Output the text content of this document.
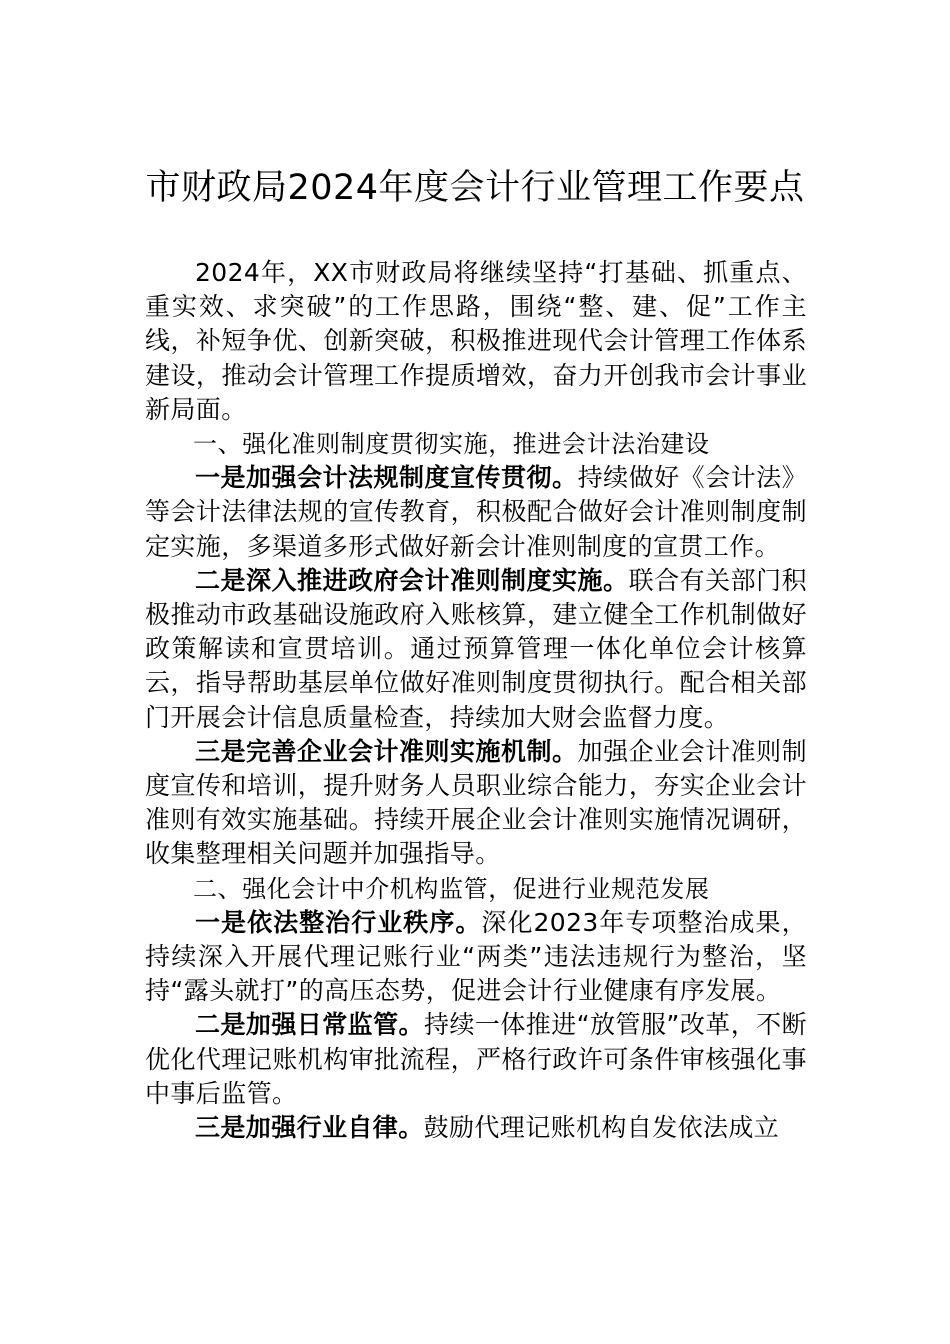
市财政局2024年度会计行业管理工作要点

2024年，XX市财政局将继续坚持“打基础、抓重点、重实效、求突破”的工作思路，围绕“整、建、促”工作主线，补短争优、创新突破，积极推进现代会计管理工作体系建设，推动会计管理工作提质增效，奋力开创我市会计事业新局面。

一、强化准则制度贯彻实施，推进会计法治建设

一是加强会计法规制度宣传贯彻。持续做好《会计法》等会计法律法规的宣传教育，积极配合做好会计准则制度制定实施，多渠道多形式做好新会计准则制度的宣贯工作。

二是深入推进政府会计准则制度实施。联合有关部门积极推动市政基础设施政府入账核算，建立健全工作机制做好政策解读和宣贯培训。通过预算管理一体化单位会计核算云，指导帮助基层单位做好准则制度贯彻执行。配合相关部门开展会计信息质量检查，持续加大财会监督力度。

三是完善企业会计准则实施机制。加强企业会计准则制度宣传和培训，提升财务人员职业综合能力，夯实企业会计准则有效实施基础。持续开展企业会计准则实施情况调研，收集整理相关问题并加强指导。

二、强化会计中介机构监管，促进行业规范发展

一是依法整治行业秩序。深化2023年专项整治成果，持续深入开展代理记账行业“两类”违法违规行为整治，坚持“露头就打”的高压态势，促进会计行业健康有序发展。

二是加强日常监管。持续一体推进“放管服”改革，不断优化代理记账机构审批流程，严格行政许可条件审核强化事中事后监管。

三是加强行业自律。鼓励代理记账机构自发依法成立
